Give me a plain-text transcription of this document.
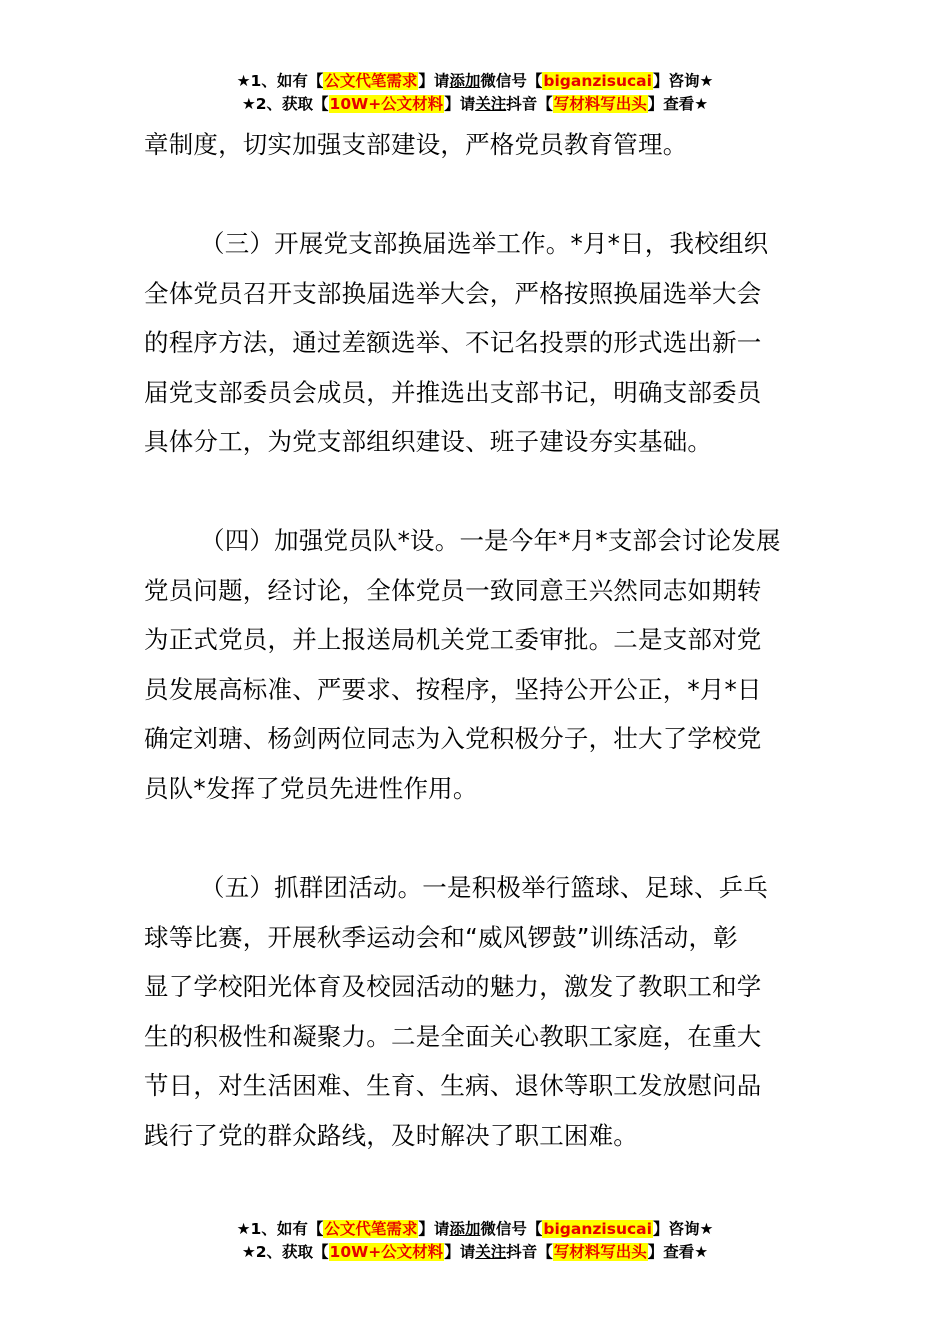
★1、如有【公文代笔需求】请添加微信号【biganzisucai】咨询★
★2、获取【10W+公文材料】请关注抖音【写材料写出头】查看★
章制度，切实加强支部建设，严格党员教育管理。
（三）开展党支部换届选举工作。*月*日，我校组织
全体党员召开支部换届选举大会，严格按照换届选举大会
的程序方法，通过差额选举、不记名投票的形式选出新一
届党支部委员会成员，并推选出支部书记，明确支部委员
具体分工，为党支部组织建设、班子建设夯实基础。
（四）加强党员队*设。一是今年*月*支部会讨论发展
党员问题，经讨论，全体党员一致同意王兴然同志如期转
为正式党员，并上报送局机关党工委审批。二是支部对党
员发展高标准、严要求、按程序，坚持公开公正，*月*日
确定刘瑭、杨剑两位同志为入党积极分子，壮大了学校党
员队*发挥了党员先进性作用。
（五）抓群团活动。一是积极举行篮球、足球、乒乓
球等比赛，开展秋季运动会和“威风锣鼓”训练活动，彰
显了学校阳光体育及校园活动的魅力，激发了教职工和学
生的积极性和凝聚力。二是全面关心教职工家庭，在重大
节日，对生活困难、生育、生病、退休等职工发放慰问品
践行了党的群众路线，及时解决了职工困难。
★1、如有【公文代笔需求】请添加微信号【biganzisucai】咨询★
★2、获取【10W+公文材料】请关注抖音【写材料写出头】查看★
